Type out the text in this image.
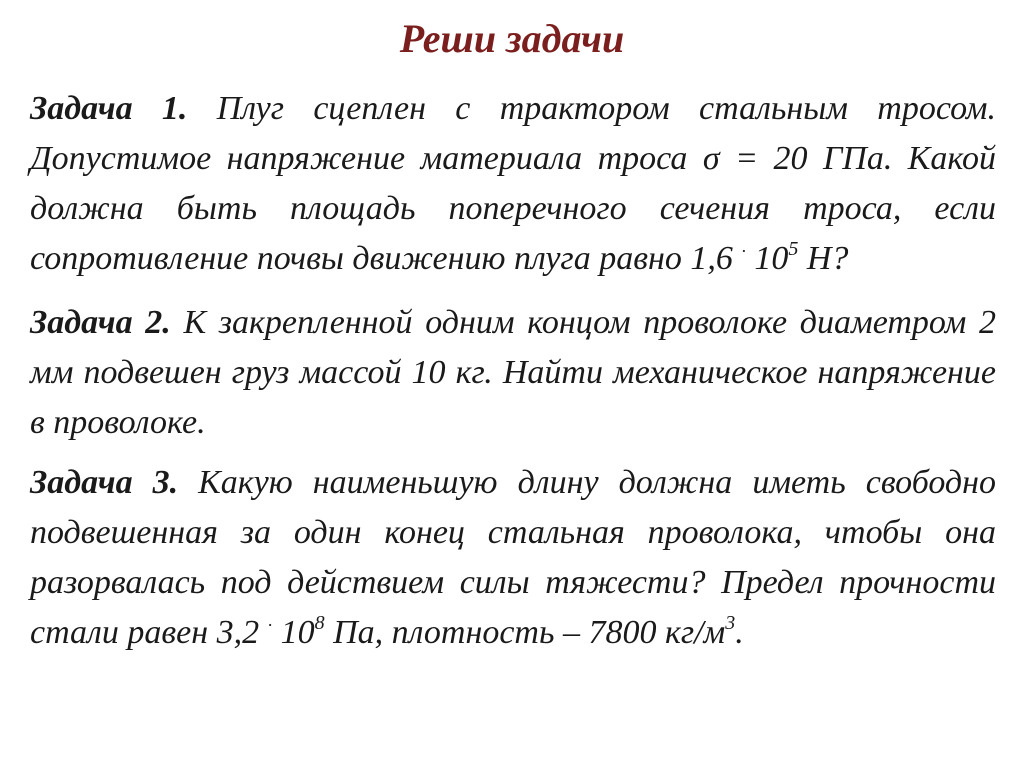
Реши задачи

Задача 1. Плуг сцеплен с трактором стальным тросом. Допустимое напряжение материала троса σ = 20 ГПа. Какой должна быть площадь поперечного сечения троса, если сопротивление почвы движению плуга равно 1,6 · $10^5$ Н?

Задача 2. К закрепленной одним концом проволоке диаметром 2 мм подвешен груз массой 10 кг. Найти механическое напряжение в проволоке.

Задача 3. Какую наименьшую длину должна иметь свободно подвешенная за один конец стальная проволока, чтобы она разорвалась под действием силы тяжести? Предел прочности стали равен 3,2 · $10^8$ Па, плотность – 7800 $кг/м^3$.
